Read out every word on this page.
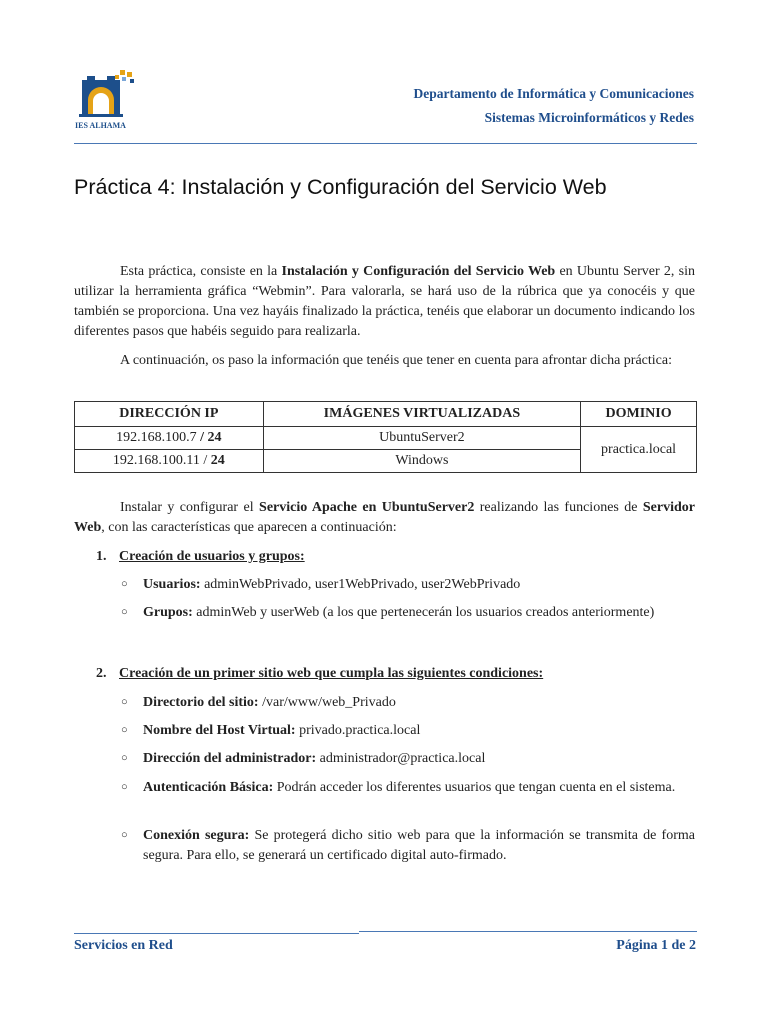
IES ALHAMA
Departamento de Informática y Comunicaciones
Sistemas Microinformáticos y Redes
Práctica 4: Instalación y Configuración del Servicio Web
Esta práctica, consiste en la Instalación y Configuración del Servicio Web en Ubuntu Server 2, sin utilizar la herramienta gráfica “Webmin”. Para valorarla, se hará uso de la rúbrica que ya conocéis y que también se proporciona. Una vez hayáis finalizado la práctica, tenéis que elaborar un documento indicando los diferentes pasos que habéis seguido para realizarla.
A continuación, os paso la información que tenéis que tener en cuenta para afrontar dicha práctica:
DIRECCIÓN IP	IMÁGENES VIRTUALIZADAS	DOMINIO
192.168.100.7 / 24	UbuntuServer2	practica.local
192.168.100.11 / 24	Windows	
Instalar y configurar el Servicio Apache en UbuntuServer2 realizando las funciones de Servidor Web, con las características que aparecen a continuación:
1. Creación de usuarios y grupos:
○ Usuarios: adminWebPrivado, user1WebPrivado, user2WebPrivado
○ Grupos: adminWeb y userWeb (a los que pertenecerán los usuarios creados anteriormente)
2. Creación de un primer sitio web que cumpla las siguientes condiciones:
○ Directorio del sitio: /var/www/web_Privado
○ Nombre del Host Virtual: privado.practica.local
○ Dirección del administrador: administrador@practica.local
○ Autenticación Básica: Podrán acceder los diferentes usuarios que tengan cuenta en el sistema.
○ Conexión segura: Se protegerá dicho sitio web para que la información se transmita de forma segura. Para ello, se generará un certificado digital auto-firmado.
Servicios en Red	Página 1 de 2
